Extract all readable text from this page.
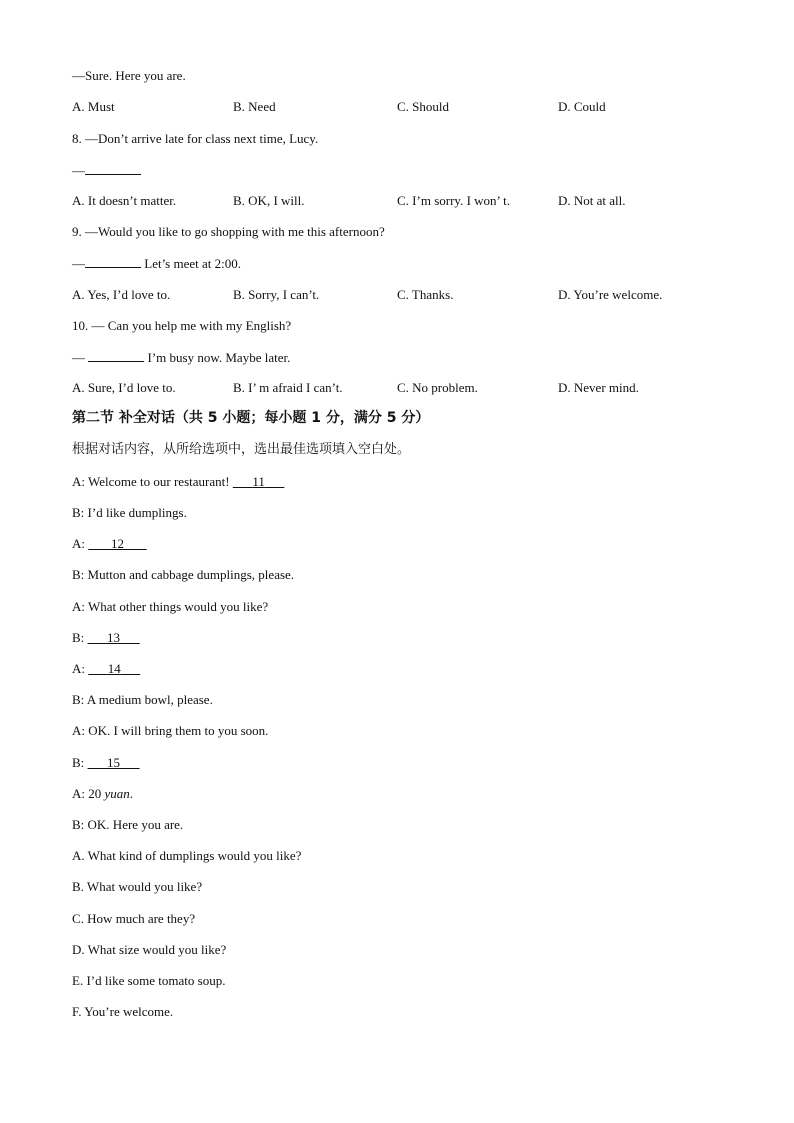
—Sure. Here you are.
A. Must	B. Need	C. Should	D. Could
8. —Don’t arrive late for class next time, Lucy.
—
A. It doesn’t matter.	B. OK, I will.	C. I’m sorry. I won’ t.	D. Not at all.
9. —Would you like to go shopping with me this afternoon?
—	Let’s meet at 2:00.
A. Yes, I’d love to.	B. Sorry, I can’t.	C. Thanks.	D. You’re welcome.
10. — Can you help me with my English?
—	I’m busy now. Maybe later.
A. Sure, I’d love to.	B. I’ m afraid I can’t.	C. No problem.	D. Never mind.
第二节 补全对话（共 5 小题；每小题 1 分，满分 5 分）
根据对话内容，从所给选项中，选出最佳选项填入空白处。
A: Welcome to our restaurant!       11
B: I’d like dumplings.
A:        12
B: Mutton and cabbage dumplings, please.
A: What other things would you like?
B:       13
A:       14
B: A medium bowl, please.
A: OK. I will bring them to you soon.
B:       15
A: 20 yuan.
B: OK. Here you are.
A. What kind of dumplings would you like?
B. What would you like?
C. How much are they?
D. What size would you like?
E. I’d like some tomato soup.
F. You’re welcome.
